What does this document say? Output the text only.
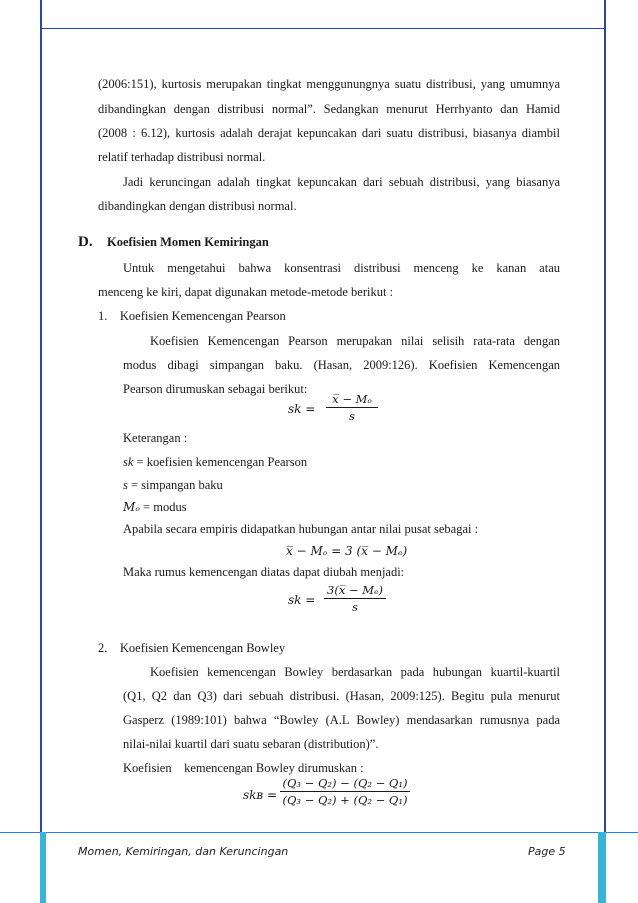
(2006:151), kurtosis merupakan tingkat menggunungnya suatu distribusi, yang umumnya
dibandingkan dengan distribusi normal”. Sedangkan menurut Herrhyanto dan Hamid
(2008 : 6.12), kurtosis adalah derajat kepuncakan dari suatu distribusi, biasanya diambil
relatif terhadap distribusi normal.
Jadi keruncingan adalah tingkat kepuncakan dari sebuah distribusi, yang biasanya
dibandingkan dengan distribusi normal.
D. Koefisien Momen Kemiringan
Untuk mengetahui bahwa konsentrasi distribusi menceng ke kanan atau
menceng ke kiri, dapat digunakan metode-metode berikut :
1. Koefisien Kemencengan Pearson
Koefisien Kemencengan Pearson merupakan nilai selisih rata-rata dengan
modus dibagi simpangan baku. (Hasan, 2009:126). Koefisien Kemencengan
Pearson dirumuskan sebagai berikut:
sk = $\frac{\text{x̅ − Mₒ}}{s}$
Keterangan :
sk = koefisien kemencengan Pearson
s = simpangan baku
Mₒ = modus
Apabila secara empiris didapatkan hubungan antar nilai pusat sebagai :
x̅ − Mₒ = 3 (x̅ − Mₑ)
Maka rumus kemencengan diatas dapat diubah menjadi:
sk = $\frac{\text{3(x̅ − Mₑ)}}{s}$
2. Koefisien Kemencengan Bowley
Koefisien kemencengan Bowley berdasarkan pada hubungan kuartil-kuartil
(Q1, Q2 dan Q3) dari sebuah distribusi. (Hasan, 2009:125). Begitu pula menurut
Gasperz (1989:101) bahwa “Bowley (A.L Bowley) mendasarkan rumusnya pada
nilai-nilai kuartil dari suatu sebaran (distribution)”.
Koefisien kemencengan Bowley dirumuskan :
skʙ = $\frac{\text{(Q₃ − Q₂) − (Q₂ − Q₁)}}{\text{(Q₃ − Q₂) + (Q₂ − Q₁)}}$
Momen, Kemiringan, dan Keruncingan	Page 5
